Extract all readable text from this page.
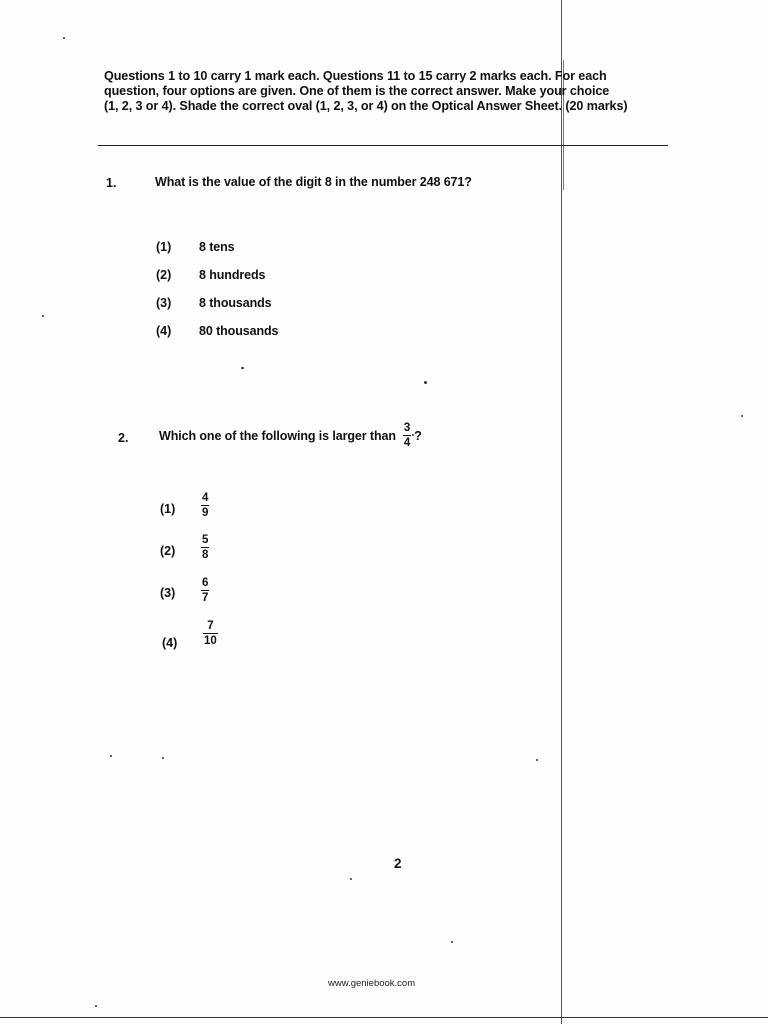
Questions 1 to 10 carry 1 mark each. Questions 11 to 15 carry 2 marks each. For each
question, four options are given. One of them is the correct answer. Make your choice
(1, 2, 3 or 4). Shade the correct oval (1, 2, 3, or 4) on the Optical Answer Sheet. (20 marks)
1.	What is the value of the digit 8 in the number 248 671?
(1) 8 tens
(2) 8 hundreds
(3) 8 thousands
(4) 80 thousands
2. Which one of the following is larger than $\frac{3}{4}$ ?
(1)
4
9
(2)
5
8
(3)
6
7
(4)
7
10
2
www.geniebook.com
